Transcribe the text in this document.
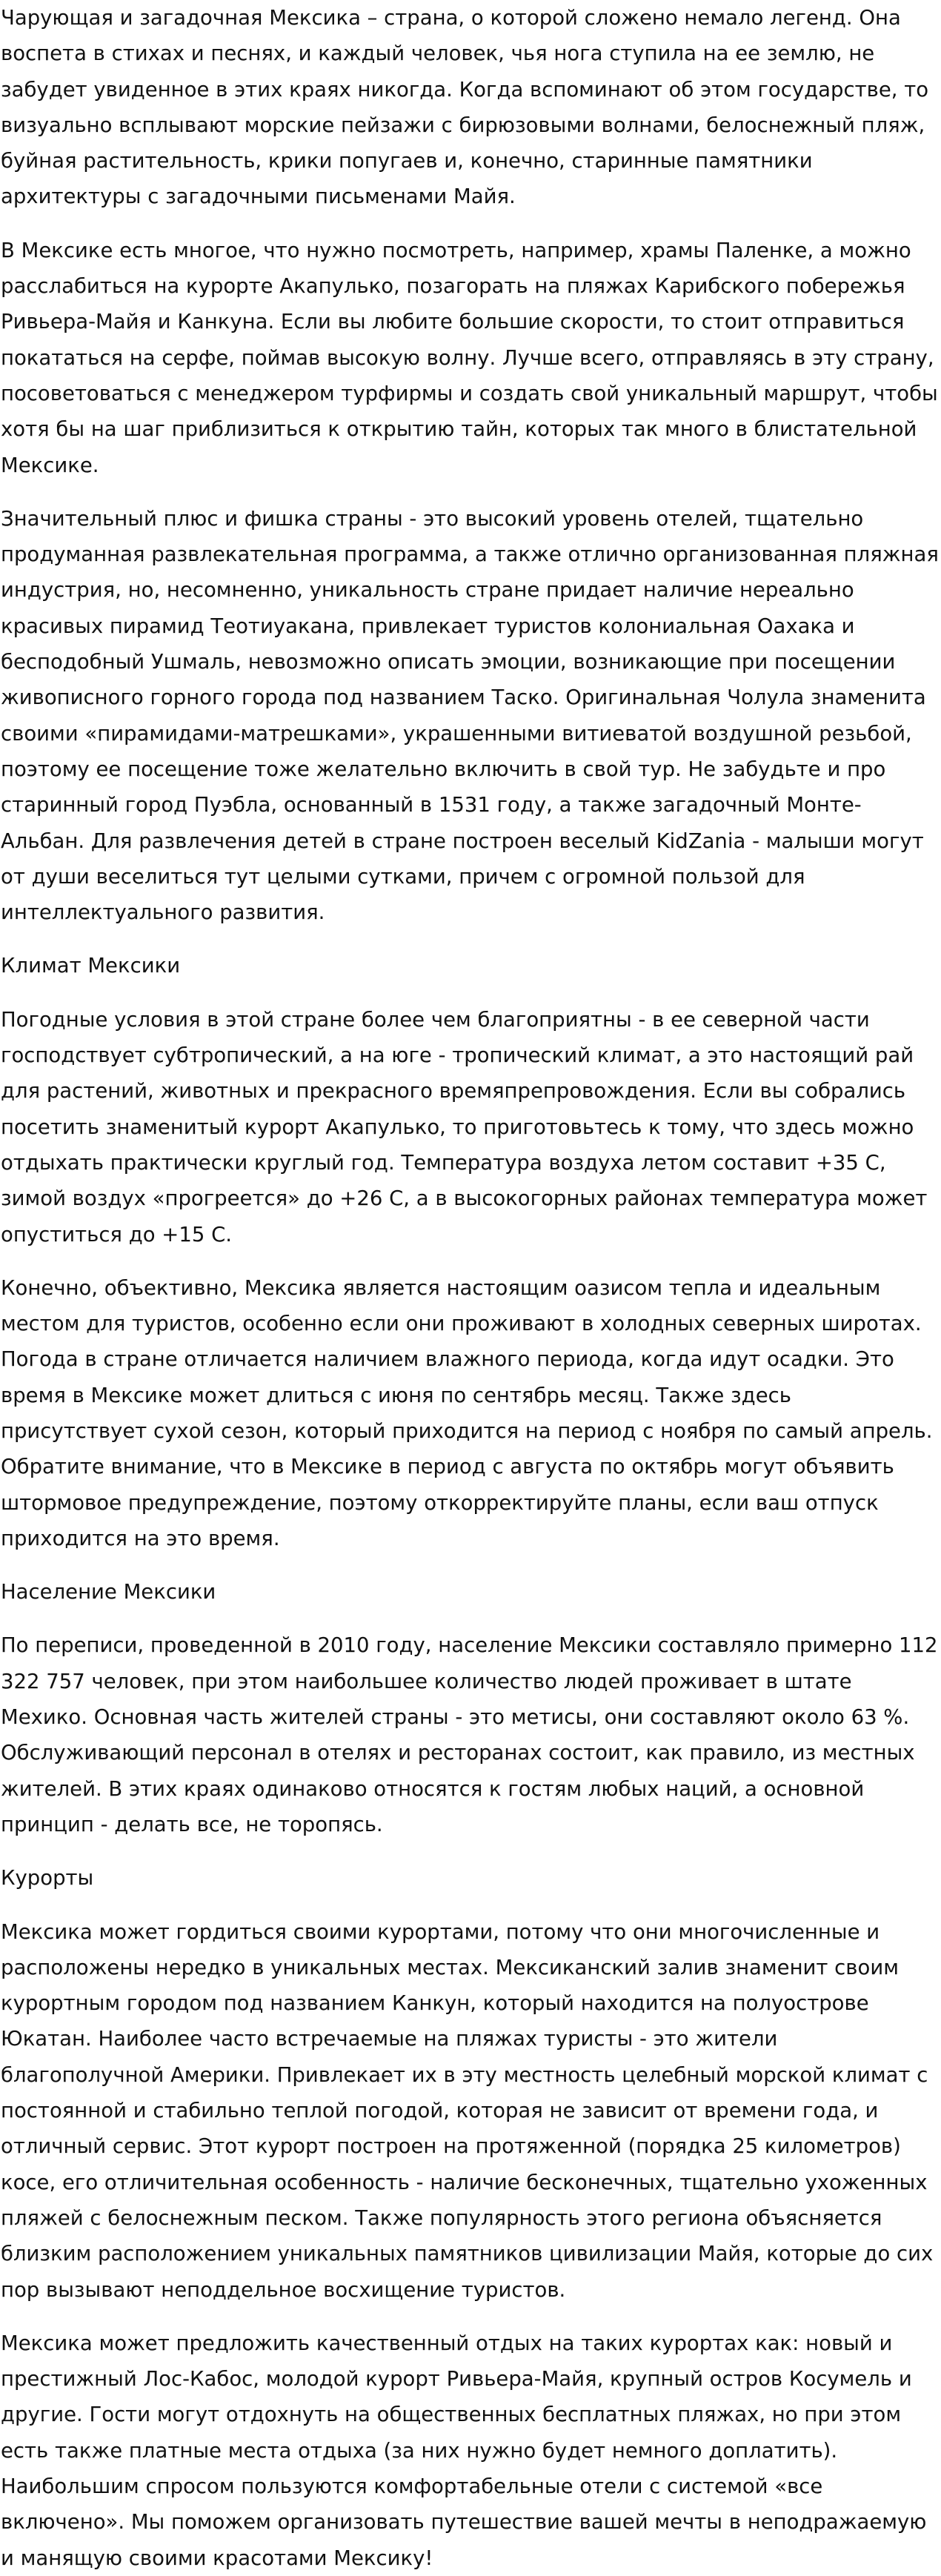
Чарующая и загадочная Мексика – страна, о которой сложено немало легенд. Она воспета в стихах и песнях, и каждый человек, чья нога ступила на ее землю, не забудет увиденное в этих краях никогда. Когда вспоминают об этом государстве, то визуально всплывают морские пейзажи с бирюзовыми волнами, белоснежный пляж, буйная растительность, крики попугаев и, конечно, старинные памятники архитектуры с загадочными письменами Майя.

В Мексике есть многое, что нужно посмотреть, например, храмы Паленке, а можно расслабиться на курорте Акапулько, позагорать на пляжах Карибского побережья Ривьера-Майя и Канкуна. Если вы любите большие скорости, то стоит отправиться покататься на серфе, поймав высокую волну. Лучше всего, отправляясь в эту страну, посоветоваться с менеджером турфирмы и создать свой уникальный маршрут, чтобы хотя бы на шаг приблизиться к открытию тайн, которых так много в блистательной Мексике.

Значительный плюс и фишка страны - это высокий уровень отелей, тщательно продуманная развлекательная программа, а также отлично организованная пляжная индустрия, но, несомненно, уникальность стране придает наличие нереально красивых пирамид Теотиуакана, привлекает туристов колониальная Оахака и бесподобный Ушмаль, невозможно описать эмоции, возникающие при посещении живописного горного города под названием Таско. Оригинальная Чолула знаменита своими «пирамидами-матрешками», украшенными витиеватой воздушной резьбой, поэтому ее посещение тоже желательно включить в свой тур. Не забудьте и про старинный город Пуэбла, основанный в 1531 году, а также загадочный Монте-Альбан. Для развлечения детей в стране построен веселый KidZania - малыши могут от души веселиться тут целыми сутками, причем с огромной пользой для интеллектуального развития.

Климат Мексики

Погодные условия в этой стране более чем благоприятны - в ее северной части господствует субтропический, а на юге - тропический климат, а это настоящий рай для растений, животных и прекрасного времяпрепровождения. Если вы собрались посетить знаменитый курорт Акапулько, то приготовьтесь к тому, что здесь можно отдыхать практически круглый год. Температура воздуха летом составит +35 С, зимой воздух «прогреется» до +26 С, а в высокогорных районах температура может опуститься до +15 С.

Конечно, объективно, Мексика является настоящим оазисом тепла и идеальным местом для туристов, особенно если они проживают в холодных северных широтах. Погода в стране отличается наличием влажного периода, когда идут осадки. Это время в Мексике может длиться с июня по сентябрь месяц. Также здесь присутствует сухой сезон, который приходится на период с ноября по самый апрель. Обратите внимание, что в Мексике в период с августа по октябрь могут объявить штормовое предупреждение, поэтому откорректируйте планы, если ваш отпуск приходится на это время.

Население Мексики

По переписи, проведенной в 2010 году, население Мексики составляло примерно 112 322 757 человек, при этом наибольшее количество людей проживает в штате Мехико. Основная часть жителей страны - это метисы, они составляют около 63 %. Обслуживающий персонал в отелях и ресторанах состоит, как правило, из местных жителей. В этих краях одинаково относятся к гостям любых наций, а основной принцип - делать все, не торопясь.

Курорты

Мексика может гордиться своими курортами, потому что они многочисленные и расположены нередко в уникальных местах. Мексиканский залив знаменит своим курортным городом под названием Канкун, который находится на полуострове Юкатан. Наиболее часто встречаемые на пляжах туристы - это жители благополучной Америки. Привлекает их в эту местность целебный морской климат с постоянной и стабильно теплой погодой, которая не зависит от времени года, и отличный сервис. Этот курорт построен на протяженной (порядка 25 километров) косе, его отличительная особенность - наличие бесконечных, тщательно ухоженных пляжей с белоснежным песком. Также популярность этого региона объясняется близким расположением уникальных памятников цивилизации Майя, которые до сих пор вызывают неподдельное восхищение туристов.

Мексика может предложить качественный отдых на таких курортах как: новый и престижный Лос-Кабос, молодой курорт Ривьера-Майя, крупный остров Косумель и другие. Гости могут отдохнуть на общественных бесплатных пляжах, но при этом есть также платные места отдыха (за них нужно будет немного доплатить). Наибольшим спросом пользуются комфортабельные отели с системой «все включено». Мы поможем организовать путешествие вашей мечты в неподражаемую и манящую своими красотами Мексику!
